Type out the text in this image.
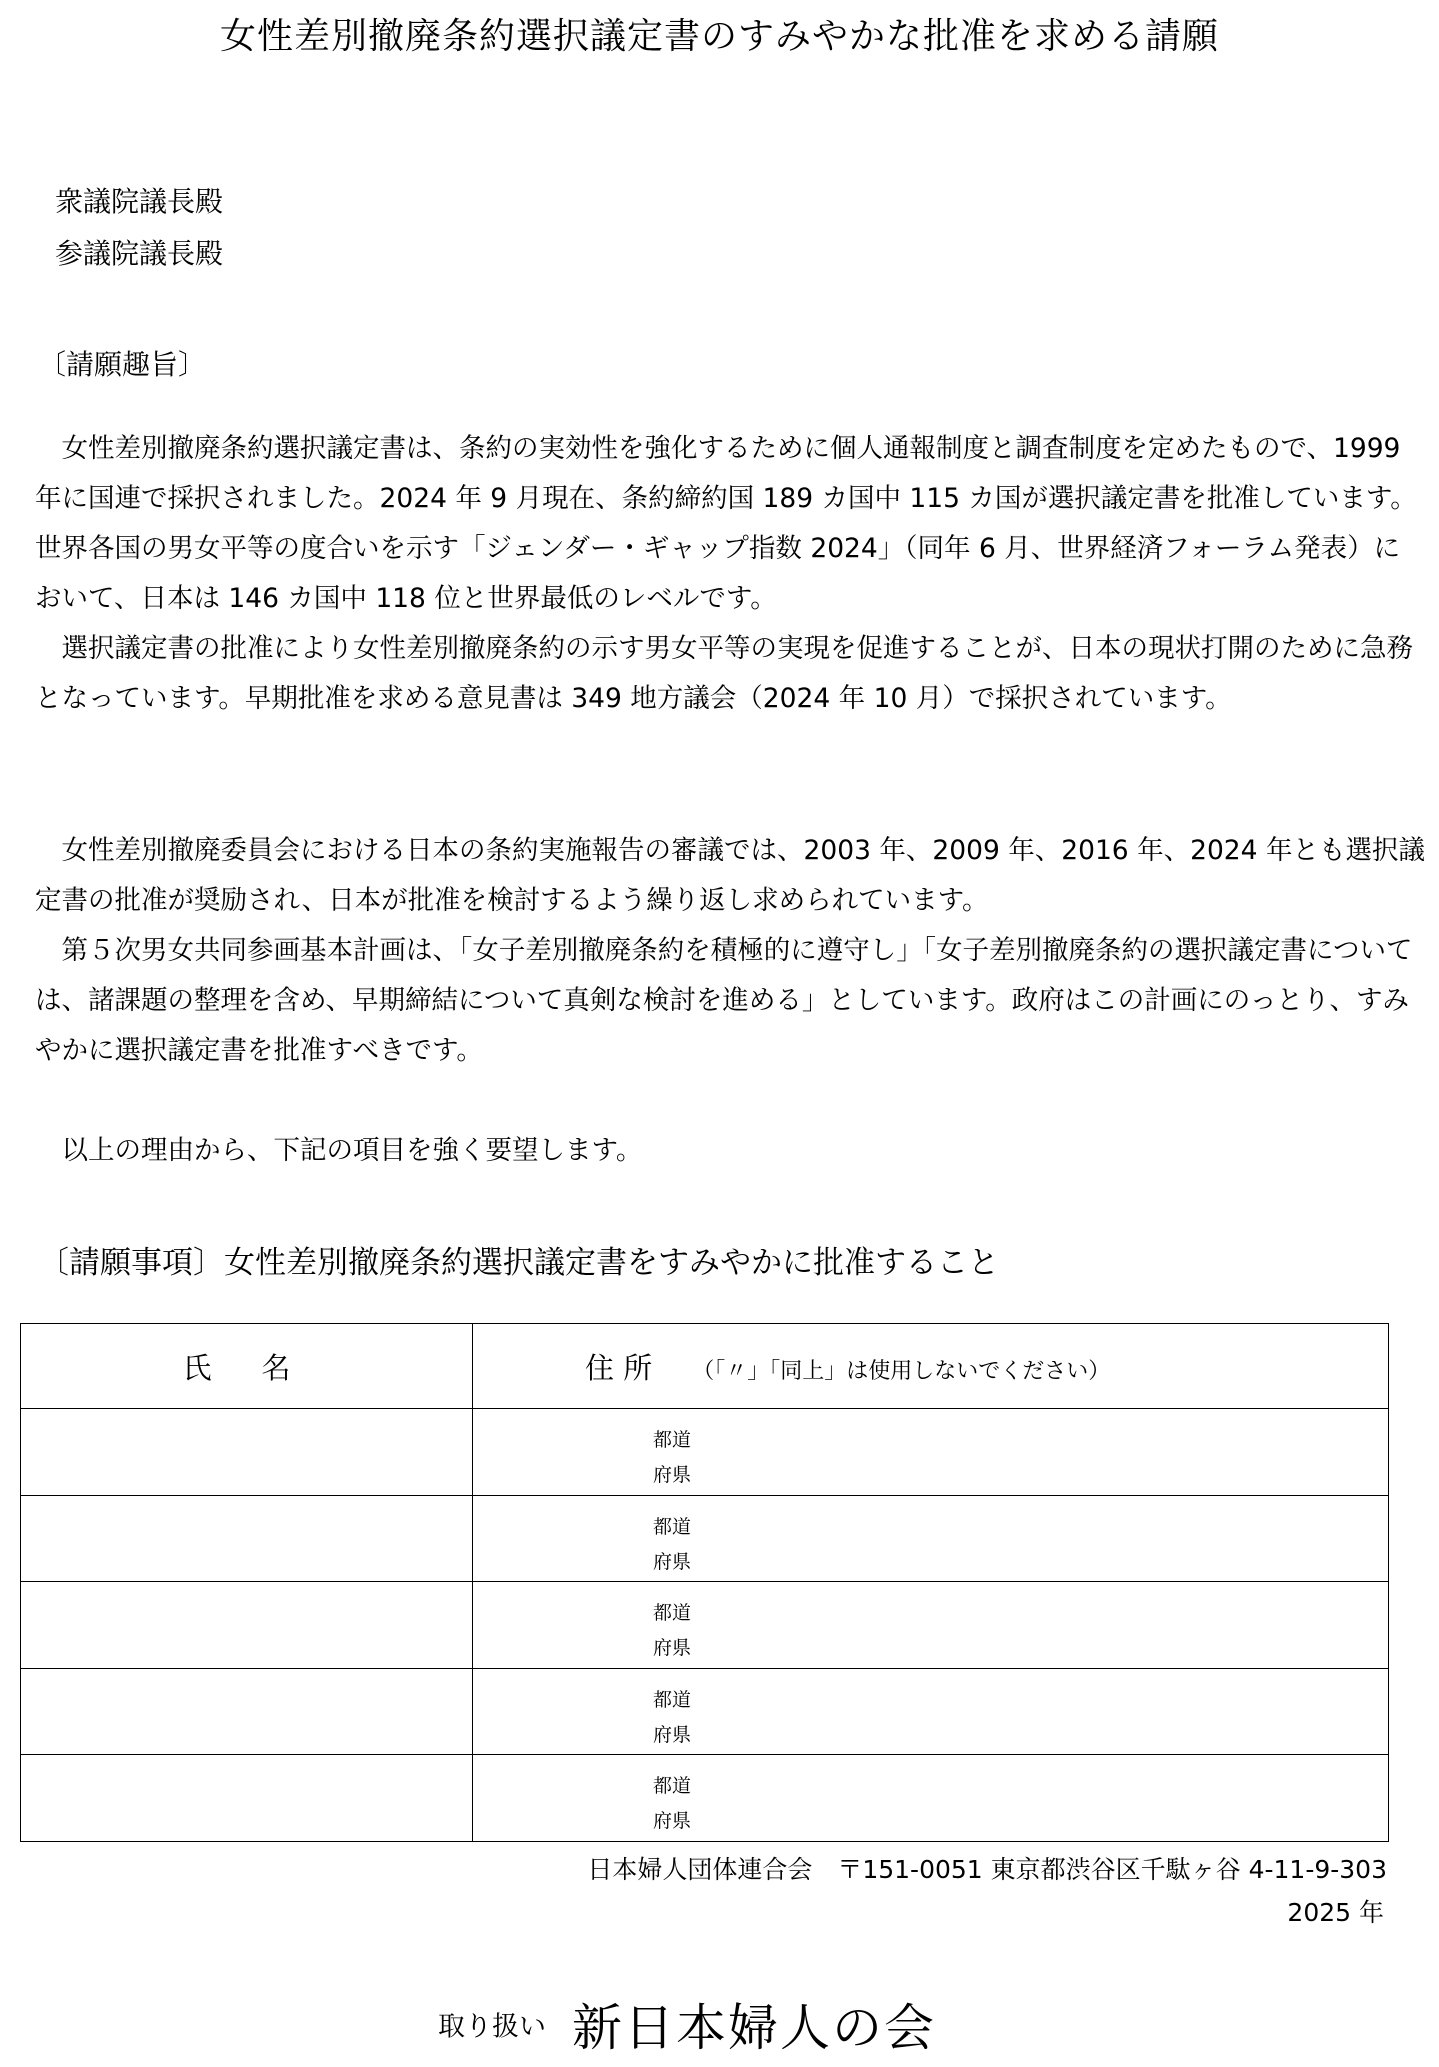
女性差別撤廃条約選択議定書のすみやかな批准を求める請願
衆議院議長殿
参議院議長殿
〔請願趣旨〕

　女性差別撤廃条約選択議定書は、条約の実効性を強化するために個人通報制度と調査制度を定めたもので、1999 年に国連で採択されました。2024 年 9 月現在、条約締約国 189 カ国中 115 カ国が選択議定書を批准しています。世界各国の男女平等の度合いを示す「ジェンダー・ギャップ指数 2024」（同年 6 月、世界経済フォーラム発表）において、日本は 146 カ国中 118 位と世界最低のレベルです。

　選択議定書の批准により女性差別撤廃条約の示す男女平等の実現を促進することが、日本の現状打開のために急務となっています。早期批准を求める意見書は 349 地方議会（2024 年 10 月）で採択されています。

　女性差別撤廃委員会における日本の条約実施報告の審議では、2003 年、2009 年、2016 年、2024 年とも選択議定書の批准が奨励され、日本が批准を検討するよう繰り返し求められています。

　第５次男女共同参画基本計画は、「女子差別撤廃条約を積極的に遵守し」「女子差別撤廃条約の選択議定書については、諸課題の整理を含め、早期締結について真剣な検討を進める」としています。政府はこの計画にのっとり、すみやかに選択議定書を批准すべきです。

　以上の理由から、下記の項目を強く要望します。

〔請願事項〕女性差別撤廃条約選択議定書をすみやかに批准すること
氏名	住 所 （「〃」「同上」は使用しないでください）

	都道
府県

	都道
府県

	都道
府県

	都道
府県

	都道
府県
日本婦人団体連合会　〒151-0051 東京都渋谷区千駄ヶ谷 4-11-9-303
2025 年
取り扱い 新日本婦人の会
